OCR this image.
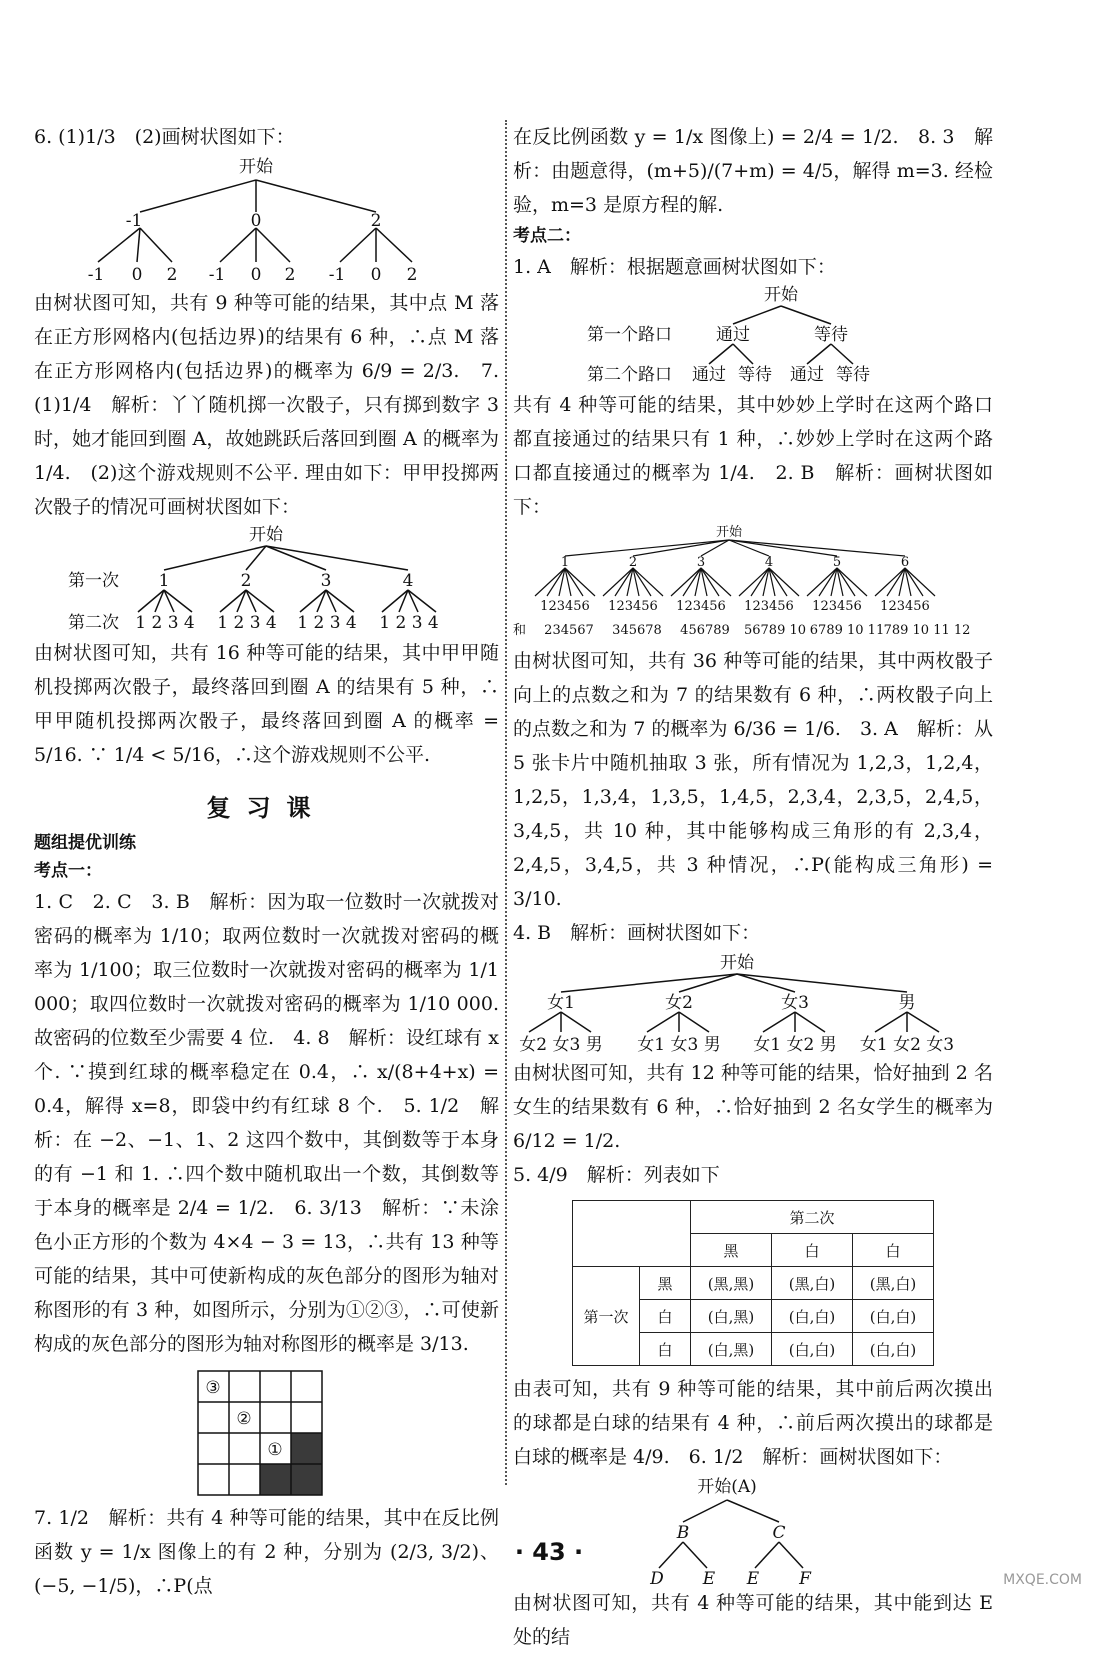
6. (1)1/3　(2)画树状图如下：

开始
-1	0	2
-1 0 2 -1 0 2 -1 0 2

由树状图可知，共有 9 种等可能的结果，其中点 M 落在正方形网格内(包括边界)的结果有 6 种，∴点 M 落在正方形网格内(包括边界)的概率为 6/9 = 2/3.　7. (1)1/4　解析：丫丫随机掷一次骰子，只有掷到数字 3 时，她才能回到圈 A，故她跳跃后落回到圈 A 的概率为 1/4.　(2)这个游戏规则不公平. 理由如下：甲甲投掷两次骰子的情况可画树状图如下：

开始
第一次
第二次
1	2	3	4
1 2 3 4 1 2 3 4 1 2 3 4 1 2 3 4

由树状图可知，共有 16 种等可能的结果，其中甲甲随机投掷两次骰子，最终落回到圈 A 的结果有 5 种，∴甲甲随机投掷两次骰子，最终落回到圈 A 的概率 = 5/16. ∵ 1/4 < 5/16，∴这个游戏规则不公平.

复习课

题组提优训练

考点一：

1. C　2. C　3. B　解析：因为取一位数时一次就拨对密码的概率为 1/10；取两位数时一次就拨对密码的概率为 1/100；取三位数时一次就拨对密码的概率为 1/1 000；取四位数时一次就拨对密码的概率为 1/10 000. 故密码的位数至少需要 4 位.　4. 8　解析：设红球有 x 个. ∵摸到红球的概率稳定在 0.4，∴ x/(8+4+x) = 0.4，解得 x=8，即袋中约有红球 8 个.　5. 1/2　解析：在 −2、−1、1、2 这四个数中，其倒数等于本身的有 −1 和 1. ∴四个数中随机取出一个数，其倒数等于本身的概率是 2/4 = 1/2.　6. 3/13　解析：∵未涂色小正方形的个数为 4×4 − 3 = 13，∴共有 13 种等可能的结果，其中可使新构成的灰色部分的图形为轴对称图形的有 3 种，如图所示，分别为①②③，∴可使新构成的灰色部分的图形为轴对称图形的概率是 3/13.

③
②
①

7. 1/2　解析：共有 4 种等可能的结果，其中在反比例函数 y = 1/x 图像上的有 2 种，分别为 (2/3, 3/2)、(−5, −1/5)，∴P(点

在反比例函数 y = 1/x 图像上) = 2/4 = 1/2.　8. 3　解析：由题意得，(m+5)/(7+m) = 4/5，解得 m=3. 经检验，m=3 是原方程的解.

考点二：

1. A　解析：根据题意画树状图如下：

开始
第一个路口
第二个路口
通过	等待
通过 等待 通过 等待

共有 4 种等可能的结果，其中妙妙上学时在这两个路口都直接通过的结果只有 1 种，∴妙妙上学时在这两个路口都直接通过的概率为 1/4.　2. B　解析：画树状图如下：

开始
1	2	3	4	5	6
123456 123456 123456 123456 123456 123456
和 234567 345678 456789 56789 10 6789 10 11 789 10 11 12

由树状图可知，共有 36 种等可能的结果，其中两枚骰子向上的点数之和为 7 的结果数有 6 种，∴两枚骰子向上的点数之和为 7 的概率为 6/36 = 1/6.　3. A　解析：从 5 张卡片中随机抽取 3 张，所有情况为 1,2,3，1,2,4，1,2,5，1,3,4，1,3,5，1,4,5，2,3,4，2,3,5，2,4,5，3,4,5，共 10 种，其中能够构成三角形的有 2,3,4，2,4,5，3,4,5，共 3 种情况，∴P(能构成三角形) = 3/10.

4. B　解析：画树状图如下：

开始
女1	女2	女3	男
女2 女3 男 女1 女3 男 女1 女2 男 女1 女2 女3

由树状图可知，共有 12 种等可能的结果，恰好抽到 2 名女生的结果数有 6 种，∴恰好抽到 2 名女学生的概率为 6/12 = 1/2.

5. 4/9　解析：列表如下

		第二次		
		黑	白	白
第一次	黑	(黑,黑)	(黑,白)	(黑,白)
	白	(白,黑)	(白,白)	(白,白)
	白	(白,黑)	(白,白)	(白,白)

由表可知，共有 9 种等可能的结果，其中前后两次摸出的球都是白球的结果有 4 种，∴前后两次摸出的球都是白球的概率是 4/9.　6. 1/2　解析：画树状图如下：

开始(A)
B	C
D E E F

由树状图可知，共有 4 种等可能的结果，其中能到达 E 处的结

· 43 ·
MXQE.COM
